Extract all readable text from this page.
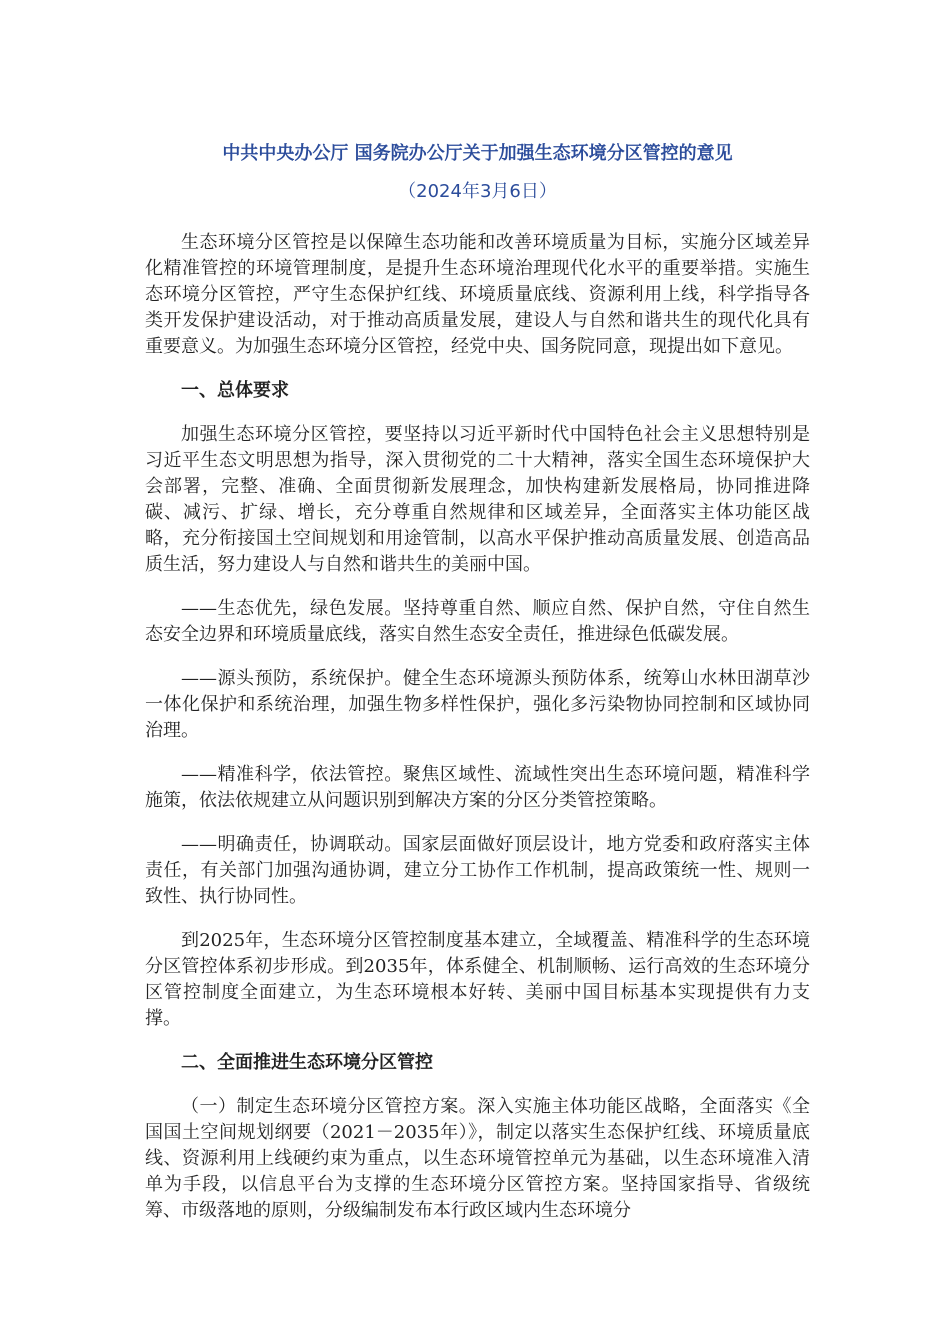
中共中央办公厅 国务院办公厅关于加强生态环境分区管控的意见

（2024年3月6日）

生态环境分区管控是以保障生态功能和改善环境质量为目标，实施分区域差异化精准管控的环境管理制度，是提升生态环境治理现代化水平的重要举措。实施生态环境分区管控，严守生态保护红线、环境质量底线、资源利用上线，科学指导各类开发保护建设活动，对于推动高质量发展，建设人与自然和谐共生的现代化具有重要意义。为加强生态环境分区管控，经党中央、国务院同意，现提出如下意见。

一、总体要求

加强生态环境分区管控，要坚持以习近平新时代中国特色社会主义思想特别是习近平生态文明思想为指导，深入贯彻党的二十大精神，落实全国生态环境保护大会部署，完整、准确、全面贯彻新发展理念，加快构建新发展格局，协同推进降碳、减污、扩绿、增长，充分尊重自然规律和区域差异，全面落实主体功能区战略，充分衔接国土空间规划和用途管制，以高水平保护推动高质量发展、创造高品质生活，努力建设人与自然和谐共生的美丽中国。

——生态优先，绿色发展。坚持尊重自然、顺应自然、保护自然，守住自然生态安全边界和环境质量底线，落实自然生态安全责任，推进绿色低碳发展。

——源头预防，系统保护。健全生态环境源头预防体系，统筹山水林田湖草沙一体化保护和系统治理，加强生物多样性保护，强化多污染物协同控制和区域协同治理。

——精准科学，依法管控。聚焦区域性、流域性突出生态环境问题，精准科学施策，依法依规建立从问题识别到解决方案的分区分类管控策略。

——明确责任，协调联动。国家层面做好顶层设计，地方党委和政府落实主体责任，有关部门加强沟通协调，建立分工协作工作机制，提高政策统一性、规则一致性、执行协同性。

到2025年，生态环境分区管控制度基本建立，全域覆盖、精准科学的生态环境分区管控体系初步形成。到2035年，体系健全、机制顺畅、运行高效的生态环境分区管控制度全面建立，为生态环境根本好转、美丽中国目标基本实现提供有力支撑。

二、全面推进生态环境分区管控

（一）制定生态环境分区管控方案。深入实施主体功能区战略，全面落实《全国国土空间规划纲要（2021－2035年）》，制定以落实生态保护红线、环境质量底线、资源利用上线硬约束为重点，以生态环境管控单元为基础，以生态环境准入清单为手段，以信息平台为支撑的生态环境分区管控方案。坚持国家指导、省级统筹、市级落地的原则，分级编制发布本行政区域内生态环境分
